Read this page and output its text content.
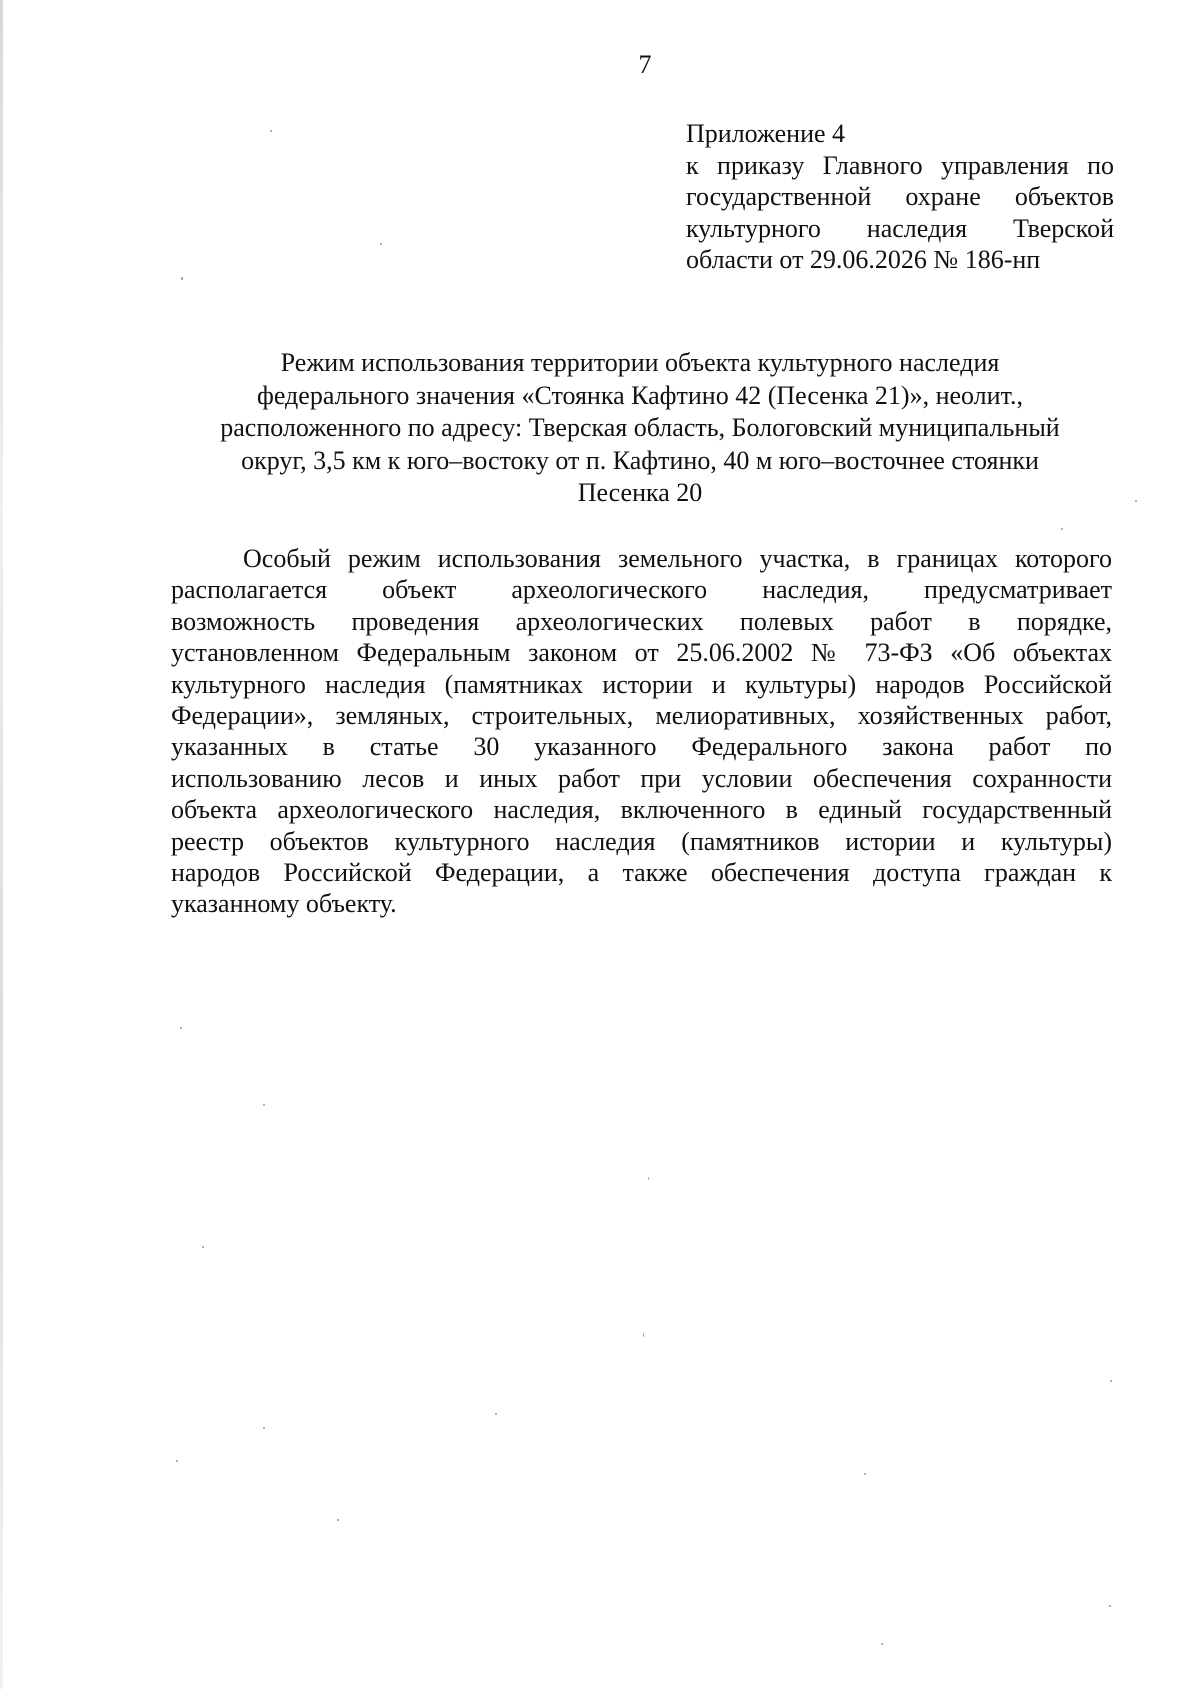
7
Приложение 4
к приказу Главного управления по
государственной охране объектов
культурного наследия Тверской
области от 29.06.2026 № 186-нп
Режим использования территории объекта культурного наследия
федерального значения «Стоянка Кафтино 42 (Песенка 21)», неолит.,
расположенного по адресу: Тверская область, Бологовский муниципальный
округ, 3,5 км к юго–востоку от п. Кафтино, 40 м юго–восточнее стоянки
Песенка 20
Особый режим использования земельного участка, в границах которого
располагается объект археологического наследия, предусматривает
возможность проведения археологических полевых работ в порядке,
установленном Федеральным законом от 25.06.2002 № 73-ФЗ «Об объектах
культурного наследия (памятниках истории и культуры) народов Российской
Федерации», земляных, строительных, мелиоративных, хозяйственных работ,
указанных в статье 30 указанного Федерального закона работ по
использованию лесов и иных работ при условии обеспечения сохранности
объекта археологического наследия, включенного в единый государственный
реестр объектов культурного наследия (памятников истории и культуры)
народов Российской Федерации, а также обеспечения доступа граждан к
указанному объекту.
